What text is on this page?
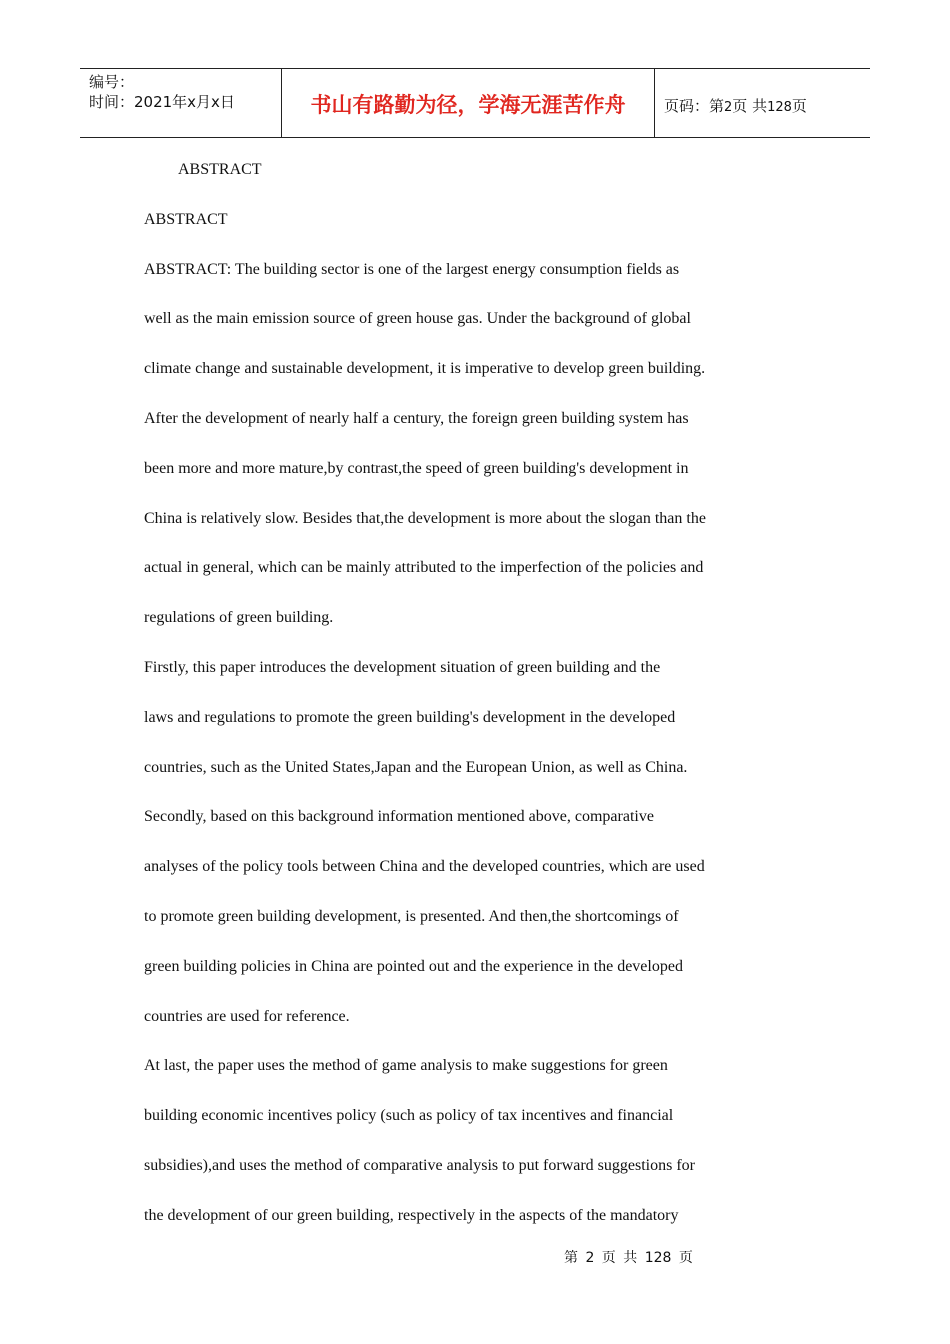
编号：
时间：2021年x月x日	书山有路勤为径，学海无涯苦作舟	页码：第2页 共128页
ABSTRACT
ABSTRACT
ABSTRACT: The building sector is one of the largest energy consumption fields as
well as the main emission source of green house gas. Under the background of global
climate change and sustainable development, it is imperative to develop green building.
After the development of nearly half a century, the foreign green building system has
been more and more mature,by contrast,the speed of green building's development in
China is relatively slow. Besides that,the development is more about the slogan than the
actual in general, which can be mainly attributed to the imperfection of the policies and
regulations of green building.
Firstly, this paper introduces the development situation of green building and the
laws and regulations to promote the green building's development in the developed
countries, such as the United States,Japan and the European Union, as well as China.
Secondly, based on this background information mentioned above, comparative
analyses of the policy tools between China and the developed countries, which are used
to promote green building development, is presented. And then,the shortcomings of
green building policies in China are pointed out and the experience in the developed
countries are used for reference.
At last, the paper uses the method of game analysis to make suggestions for green
building economic incentives policy (such as policy of tax incentives and financial
subsidies),and uses the method of comparative analysis to put forward suggestions for
the development of our green building, respectively in the aspects of the mandatory
第 2 页 共 128 页
